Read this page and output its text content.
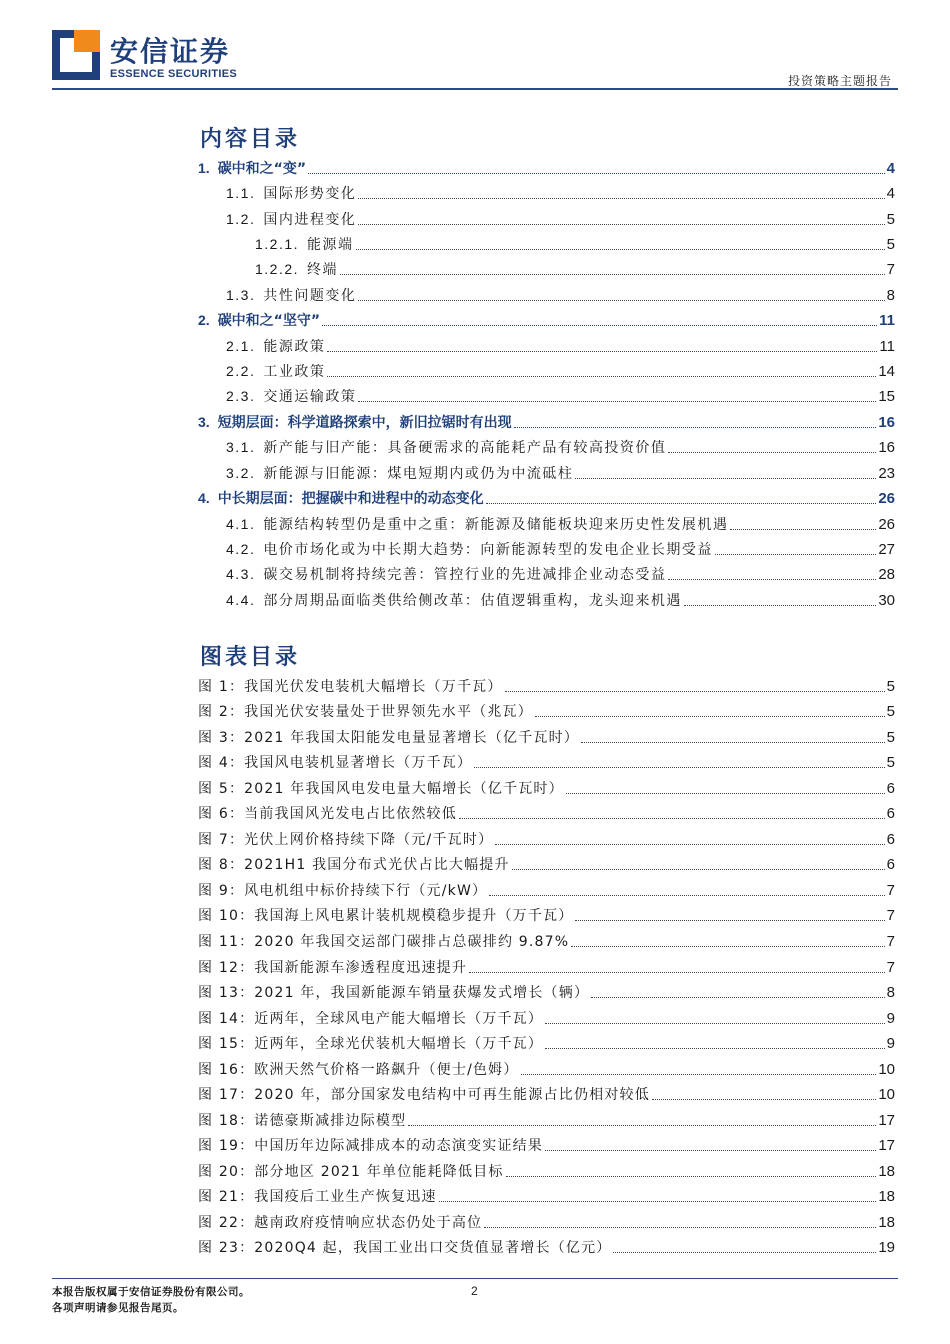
安信证券
ESSENCE SECURITIES	投资策略主题报告
内容目录
1. 碳中和之“变”	4
1.1. 国际形势变化	4
1.2. 国内进程变化	5
1.2.1. 能源端	5
1.2.2. 终端	7
1.3. 共性问题变化	8
2. 碳中和之“坚守”	11
2.1. 能源政策	11
2.2. 工业政策	14
2.3. 交通运输政策	15
3. 短期层面：科学道路探索中，新旧拉锯时有出现	16
3.1. 新产能与旧产能：具备硬需求的高能耗产品有较高投资价值	16
3.2. 新能源与旧能源：煤电短期内或仍为中流砥柱	23
4. 中长期层面：把握碳中和进程中的动态变化	26
4.1. 能源结构转型仍是重中之重：新能源及储能板块迎来历史性发展机遇	26
4.2. 电价市场化或为中长期大趋势：向新能源转型的发电企业长期受益	27
4.3. 碳交易机制将持续完善：管控行业的先进减排企业动态受益	28
4.4. 部分周期品面临类供给侧改革：估值逻辑重构，龙头迎来机遇	30
图表目录
图 1：我国光伏发电装机大幅增长（万千瓦）	5
图 2：我国光伏安装量处于世界领先水平（兆瓦）	5
图 3：2021 年我国太阳能发电量显著增长（亿千瓦时）	5
图 4：我国风电装机显著增长（万千瓦）	5
图 5：2021 年我国风电发电量大幅增长（亿千瓦时）	6
图 6：当前我国风光发电占比依然较低	6
图 7：光伏上网价格持续下降（元/千瓦时）	6
图 8：2021H1 我国分布式光伏占比大幅提升	6
图 9：风电机组中标价持续下行（元/kW）	7
图 10：我国海上风电累计装机规模稳步提升（万千瓦）	7
图 11：2020 年我国交运部门碳排占总碳排约 9.87%	7
图 12：我国新能源车渗透程度迅速提升	7
图 13：2021 年，我国新能源车销量获爆发式增长（辆）	8
图 14：近两年，全球风电产能大幅增长（万千瓦）	9
图 15：近两年，全球光伏装机大幅增长（万千瓦）	9
图 16：欧洲天然气价格一路飙升（便士/色姆）	10
图 17：2020 年，部分国家发电结构中可再生能源占比仍相对较低	10
图 18：诺德豪斯减排边际模型	17
图 19：中国历年边际减排成本的动态演变实证结果	17
图 20：部分地区 2021 年单位能耗降低目标	18
图 21：我国疫后工业生产恢复迅速	18
图 22：越南政府疫情响应状态仍处于高位	18
图 23：2020Q4 起，我国工业出口交货值显著增长（亿元）	19
本报告版权属于安信证券股份有限公司。
各项声明请参见报告尾页。
2
